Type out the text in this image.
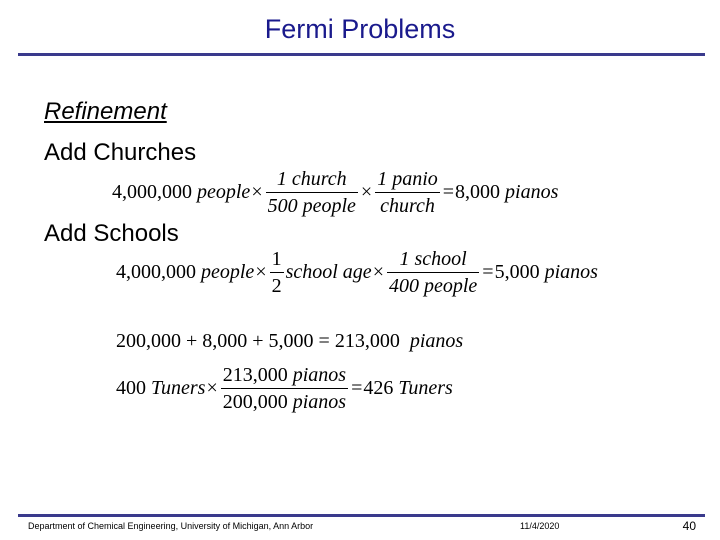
Fermi Problems
Refinement
Add Churches
4,000,000
people × $\frac{\text{1 church}}{\text{500 people}} \times \frac{\text{1 panio}}{\text{church}} = 8,000$
pianos
Add Schools
4,000,000
people × $\frac{1}{2}$ school age × $\frac{\text{1 school}}{\text{400 people}} = 5,000$
pianos
200,000 + 8,000 + 5,000 = 213,000 pianos
400
Tuners × $\frac{\text{213,000 pianos}}{\text{200,000 pianos}} = 426$
Tuners
Department of Chemical Engineering, University of Michigan, Ann Arbor	11/4/2020	40
